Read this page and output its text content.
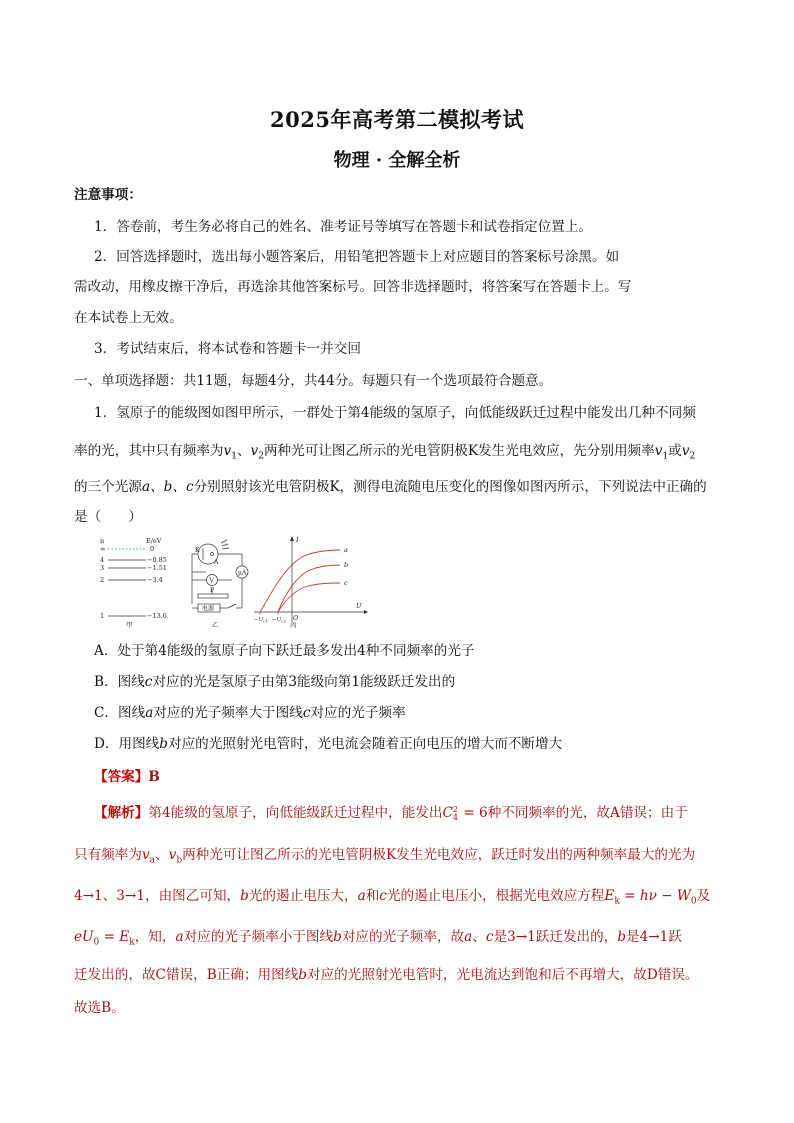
2025年高考第二模拟考试
物理 · 全解全析
注意事项：
1．答卷前，考生务必将自己的姓名、准考证号等填写在答题卡和试卷指定位置上。
2．回答选择题时，选出每小题答案后，用铅笔把答题卡上对应题目的答案标号涂黑。如
需改动，用橡皮擦干净后，再选涂其他答案标号。回答非选择题时，将答案写在答题卡上。写
在本试卷上无效。
3．考试结束后，将本试卷和答题卡一并交回
一、单项选择题：共11题，每题4分，共44分。每题只有一个选项最符合题意。
1．氢原子的能级图如图甲所示，一群处于第4能级的氢原子，向低能级跃迁过程中能发出几种不同频
率的光，其中只有频率为$v_1$、$v_2$两种光可让图乙所示的光电管阴极K发生光电效应，先分别用频率$v_1$或$v_2$
的三个光源a、b、c分别照射该光电管阴极K，测得电流随电压变化的图像如图丙所示，下列说法中正确的
是（　　）
n	E/eV
∞	0
4	−0.85
3	−1.51
2	−3.4
1	−13.6
甲
K
A
V
μA
P
电源
乙
I
U
O
a
b
c
$-U_{c1} -U_{c2}$ 丙
A．处于第4能级的氢原子向下跃迁最多发出4种不同频率的光子
B．图线c对应的光是氢原子由第3能级向第1能级跃迁发出的
C．图线a对应的光子频率大于图线c对应的光子频率
D．用图线b对应的光照射光电管时，光电流会随着正向电压的增大而不断增大
【答案】B
【解析】第4能级的氢原子，向低能级跃迁过程中，能发出C 2
4 = 6种不同频率的光，故A错误；由于
只有频率为$v_a$、$v_b$两种光可让图乙所示的光电管阴极K发生光电效应，跃迁时发出的两种频率最大的光为
4→1、3→1，由图乙可知，b光的遏止电压大，a和c光的遏止电压小，根据光电效应方程$E_k = h\nu - W_0$及
$eU_0 = E_k$，知，a对应的光子频率小于图线b对应的光子频率，故a、c是3→1跃迁发出的，b是4→1跃
迁发出的，故C错误，B正确；用图线b对应的光照射光电管时，光电流达到饱和后不再增大，故D错误。
故选B。
